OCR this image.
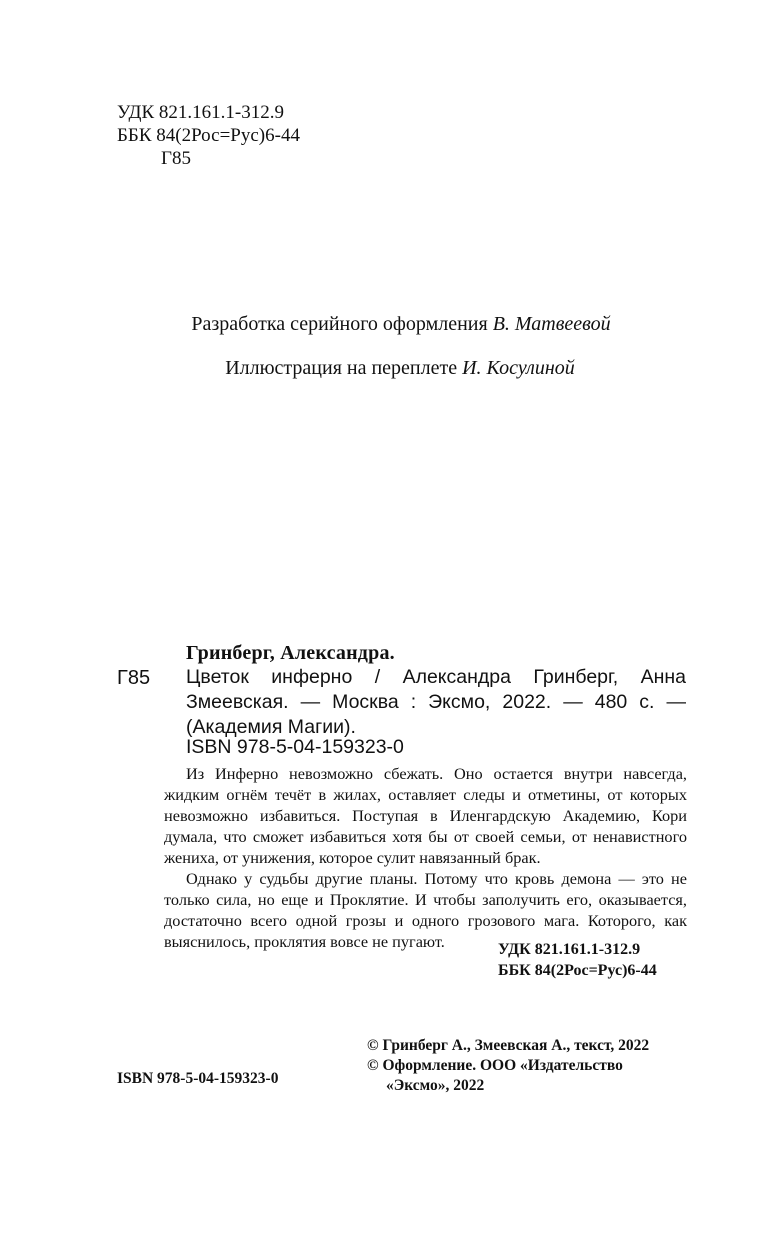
УДК 821.161.1-312.9
ББК 84(2Рос=Рус)6-44
Г85
Разработка серийного оформления В. Матвеевой
Иллюстрация на переплете И. Косулиной
Гринберг, Александра.
Г85 Цветок инферно / Александра Гринберг, Анна Змеевская. — Москва : Эксмо, 2022. — 480 с. — (Академия Магии).
ISBN 978-5-04-159323-0

Из Инферно невозможно сбежать. Оно остается внутри навсегда, жидким огнём течёт в жилах, оставляет следы и отметины, от которых невозможно избавиться. Поступая в Иленгардскую Академию, Кори думала, что сможет избавиться хотя бы от своей семьи, от ненавистного жениха, от унижения, которое сулит навязанный брак.

Однако у судьбы другие планы. Потому что кровь демона — это не только сила, но еще и Проклятие. И чтобы заполучить его, оказывается, достаточно всего одной грозы и одного грозового мага. Которого, как выяснилось, проклятия вовсе не пугают.	УДК 821.161.1-312.9
ББК 84(2Рос=Рус)6-44
© Гринберг А., Змеевская А., текст, 2022
© Оформление. ООО «Издательство
«Эксмо», 2022
ISBN 978-5-04-159323-0
